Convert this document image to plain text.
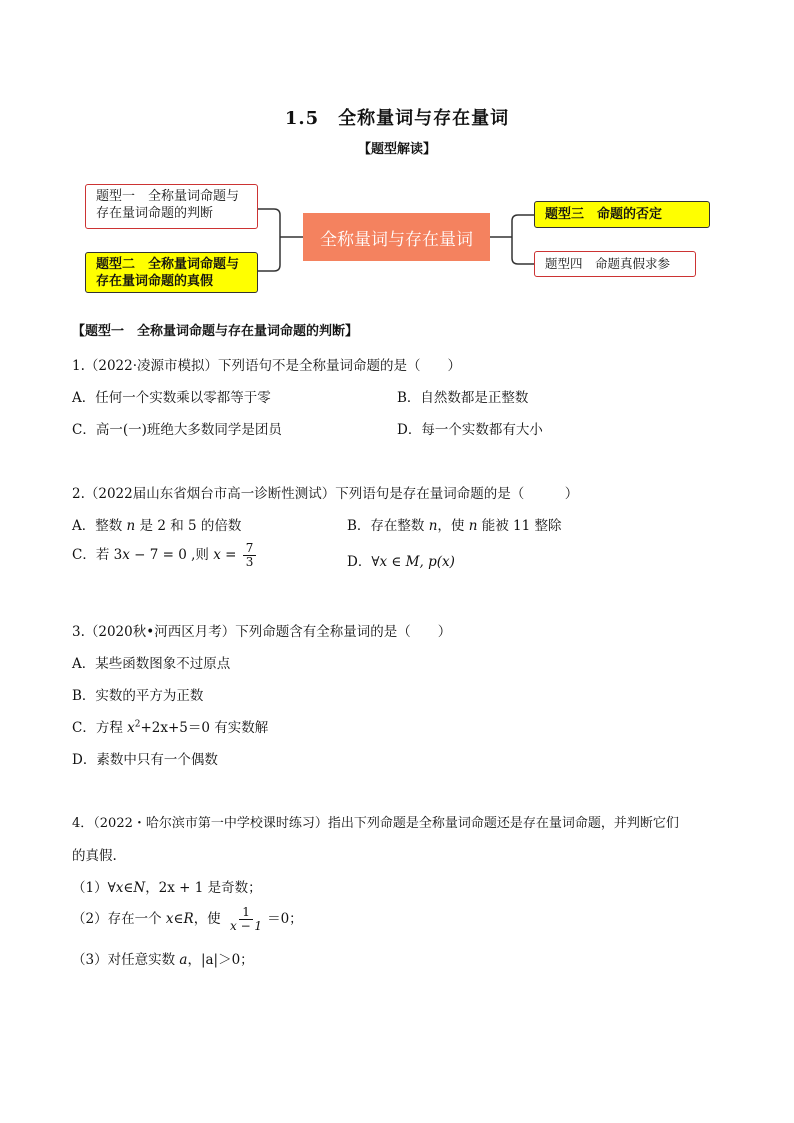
1.5　全称量词与存在量词
【题型解读】
题型一　全称量词命题与存在量词命题的判断
题型二　全称量词命题与存在量词命题的真假
全称量词与存在量词
题型三　命题的否定
题型四　命题真假求参
【题型一　全称量词命题与存在量词命题的判断】
1.（2022·凌源市模拟）下列语句不是全称量词命题的是（　　）
A．任何一个实数乘以零都等于零	B．自然数都是正整数
C．高一(一)班绝大多数同学是团员	D．每一个实数都有大小
2.（2022届山东省烟台市高一诊断性测试）下列语句是存在量词命题的是（　　　）
A．整数 n 是 2 和 5 的倍数	B．存在整数 n，使 n 能被 11 整除
C．若 3x − 7 = 0 ,则 $x = \frac{7}{3}$	D．∀x ∈ M, p(x)
3.（2020秋•河西区月考）下列命题含有全称量词的是（　　）
A．某些函数图象不过原点
B．实数的平方为正数
C．方程 $x^2+2x+5=0$ 有实数解
D．素数中只有一个偶数
4．（2022・哈尔滨市第一中学校课时练习）指出下列命题是全称量词命题还是存在量词命题，并判断它们
的真假.
（1）∀x∈N，2x + 1 是奇数；
（2）存在一个 x∈R，使 $\frac{1}{x - 1} =0$；
（3）对任意实数 a，|a|＞0；
